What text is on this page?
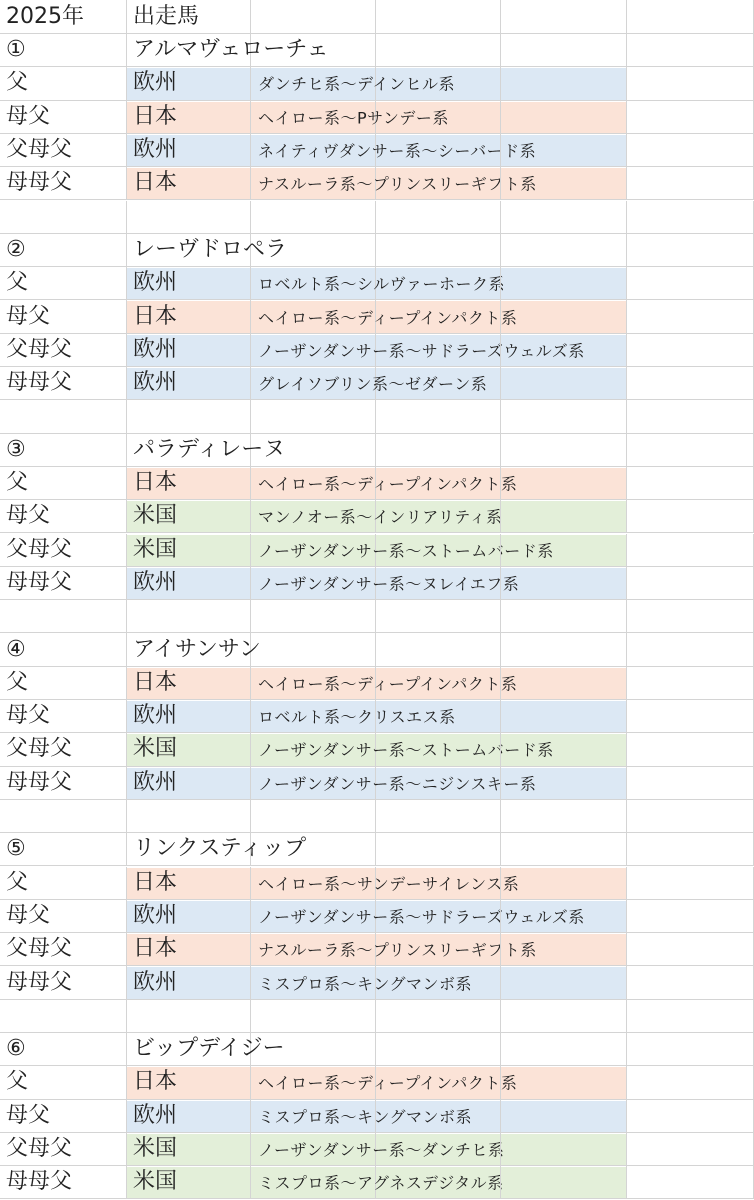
2025年 出走馬
①	アルマヴェローチェ
父	欧州	ダンチヒ系〜デインヒル系
母父	日本	ヘイロー系〜Pサンデー系
父母父	欧州	ネイティヴダンサー系〜シーバード系
母母父	日本	ナスルーラ系〜プリンスリーギフト系
②	レーヴドロペラ
父	欧州	ロベルト系〜シルヴァーホーク系
母父	日本	ヘイロー系〜ディープインパクト系
父母父	欧州	ノーザンダンサー系〜サドラーズウェルズ系
母母父	欧州	グレイソブリン系〜ゼダーン系
③	パラディレーヌ
父	日本	ヘイロー系〜ディープインパクト系
母父	米国	マンノオー系〜インリアリティ系
父母父	米国	ノーザンダンサー系〜ストームバード系
母母父	欧州	ノーザンダンサー系〜ヌレイエフ系
④	アイサンサン
父	日本	ヘイロー系〜ディープインパクト系
母父	欧州	ロベルト系〜クリスエス系
父母父	米国	ノーザンダンサー系〜ストームバード系
母母父	欧州	ノーザンダンサー系〜ニジンスキー系
⑤	リンクスティップ
父	日本	ヘイロー系〜サンデーサイレンス系
母父	欧州	ノーザンダンサー系〜サドラーズウェルズ系
父母父	日本	ナスルーラ系〜プリンスリーギフト系
母母父	欧州	ミスプロ系〜キングマンボ系
⑥	ビップデイジー
父	日本	ヘイロー系〜ディープインパクト系
母父	欧州	ミスプロ系〜キングマンボ系
父母父	米国	ノーザンダンサー系〜ダンチヒ系
母母父	米国	ミスプロ系〜アグネスデジタル系
